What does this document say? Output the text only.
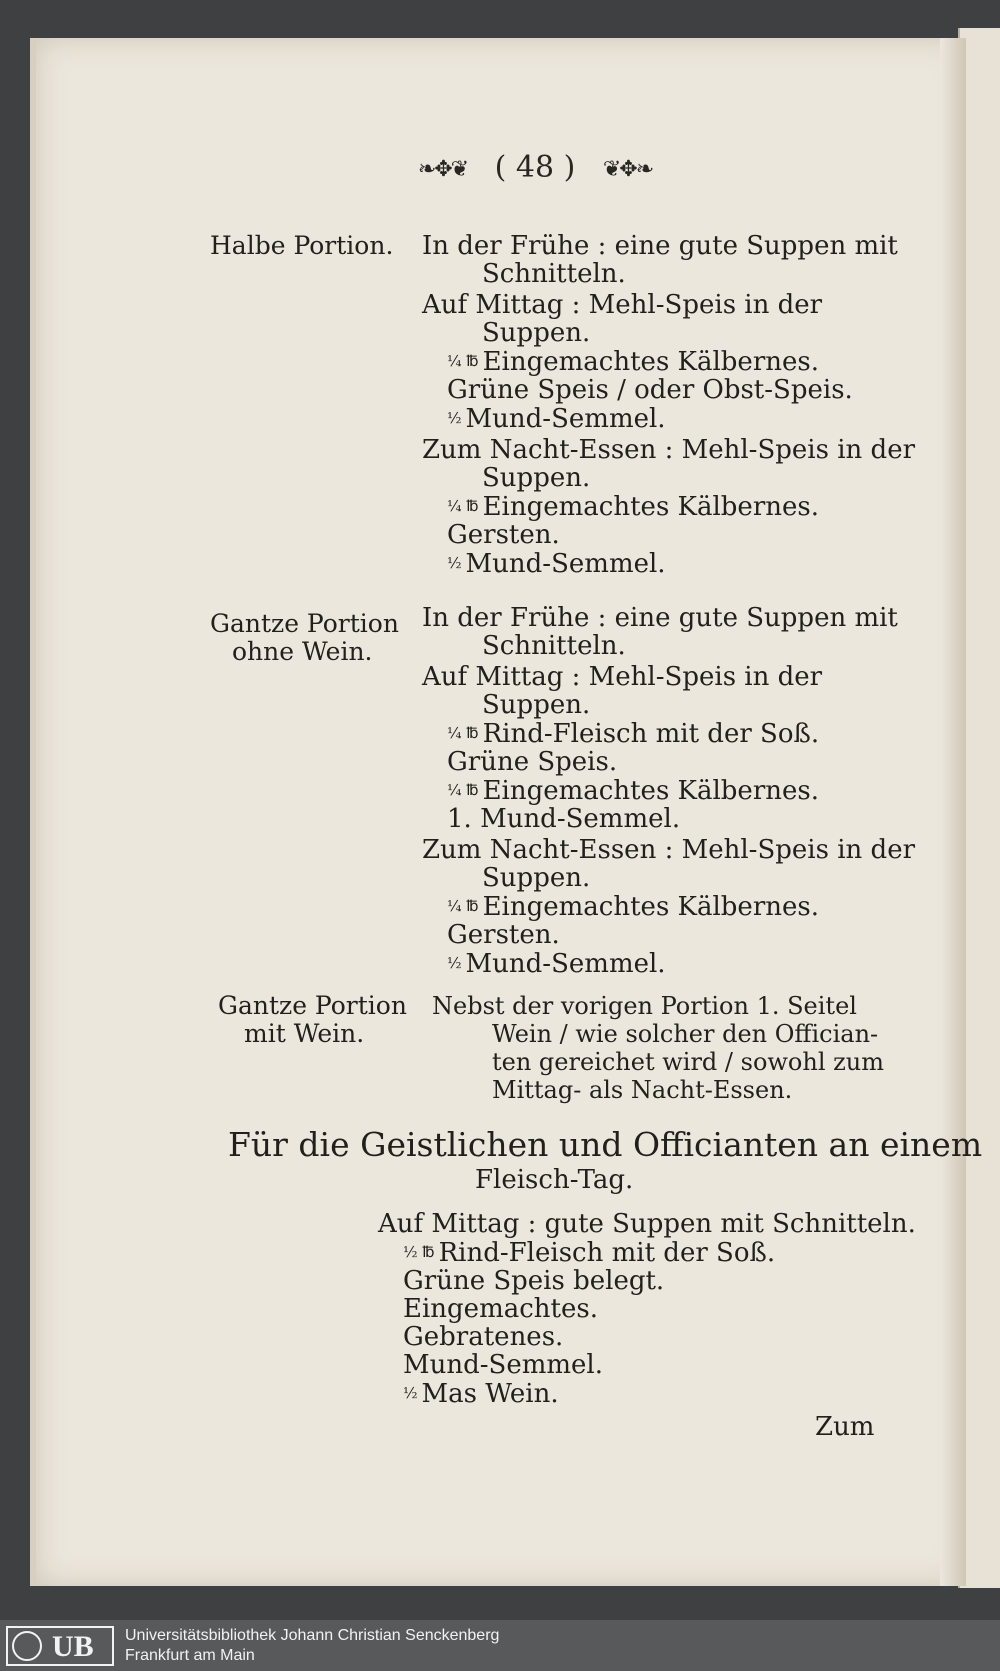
❧✥❦ ( 48 ) ❦✥❧
Halbe Portion. In der Frühe : eine gute Suppen mit
Schnitteln.
Auf Mittag : Mehl-Speis in der
Suppen.
¼ ℔ Eingemachtes Kälbernes.
Grüne Speis / oder Obst-Speis.
½ Mund-Semmel.
Zum Nacht-Essen : Mehl-Speis in der
Suppen.
¼ ℔ Eingemachtes Kälbernes.
Gersten.
½ Mund-Semmel.
Gantze Portion
ohne Wein.
In der Frühe : eine gute Suppen mit
Schnitteln.
Auf Mittag : Mehl-Speis in der
Suppen.
¼ ℔ Rind-Fleisch mit der Soß.
Grüne Speis.
¼ ℔ Eingemachtes Kälbernes.
1. Mund-Semmel.
Zum Nacht-Essen : Mehl-Speis in der
Suppen.
¼ ℔ Eingemachtes Kälbernes.
Gersten.
½ Mund-Semmel.
Gantze Portion
mit Wein.
Nebst der vorigen Portion 1. Seitel
Wein / wie solcher den Offician-
ten gereichet wird / sowohl zum
Mittag- als Nacht-Essen.
Für die Geistlichen und Officianten an einem
Fleisch-Tag.
Auf Mittag : gute Suppen mit Schnitteln.
½ ℔ Rind-Fleisch mit der Soß.
Grüne Speis belegt.
Eingemachtes.
Gebratenes.
Mund-Semmel.
½ Mas Wein.
Zum
UB Universitätsbibliothek Johann Christian Senckenberg
Frankfurt am Main
